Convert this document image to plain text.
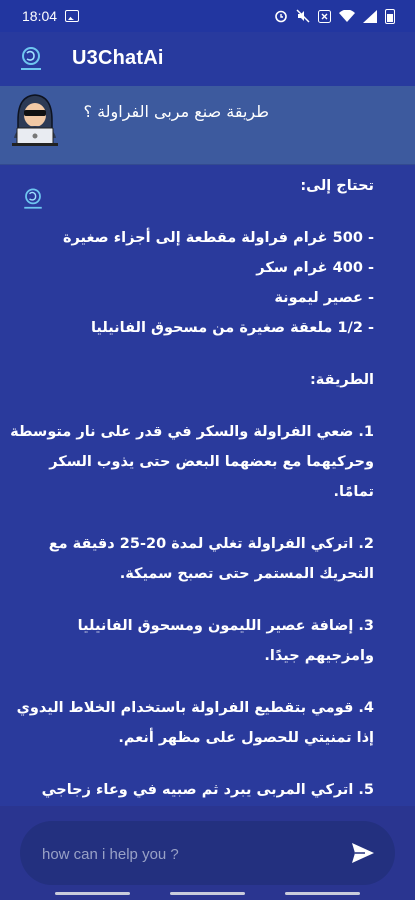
18:04
U3ChatAi
طريقة صنع مربى الفراولة ؟
تحتاج إلى:
- 500 غرام فراولة مقطعة إلى أجزاء صغيرة
- 400 غرام سكر
- عصير ليمونة
- 1/2 ملعقة صغيرة من مسحوق الفانيليا
الطريقة:
1. ضعي الفراولة والسكر في قدر على نار متوسطة
وحركيهما مع بعضهما البعض حتى يذوب السكر
تمامًا.
2. اتركي الفراولة تغلي لمدة 20-25 دقيقة مع
التحريك المستمر حتى تصبح سميكة.
3. إضافة عصير الليمون ومسحوق الفانيليا
وامزجيهم جيدًا.
4. قومي بتقطيع الفراولة باستخدام الخلاط اليدوي
إذا تمنيتي للحصول على مظهر أنعم.
5. اتركي المربى يبرد ثم صبيه في وعاء زجاجي
how can i help you ?
